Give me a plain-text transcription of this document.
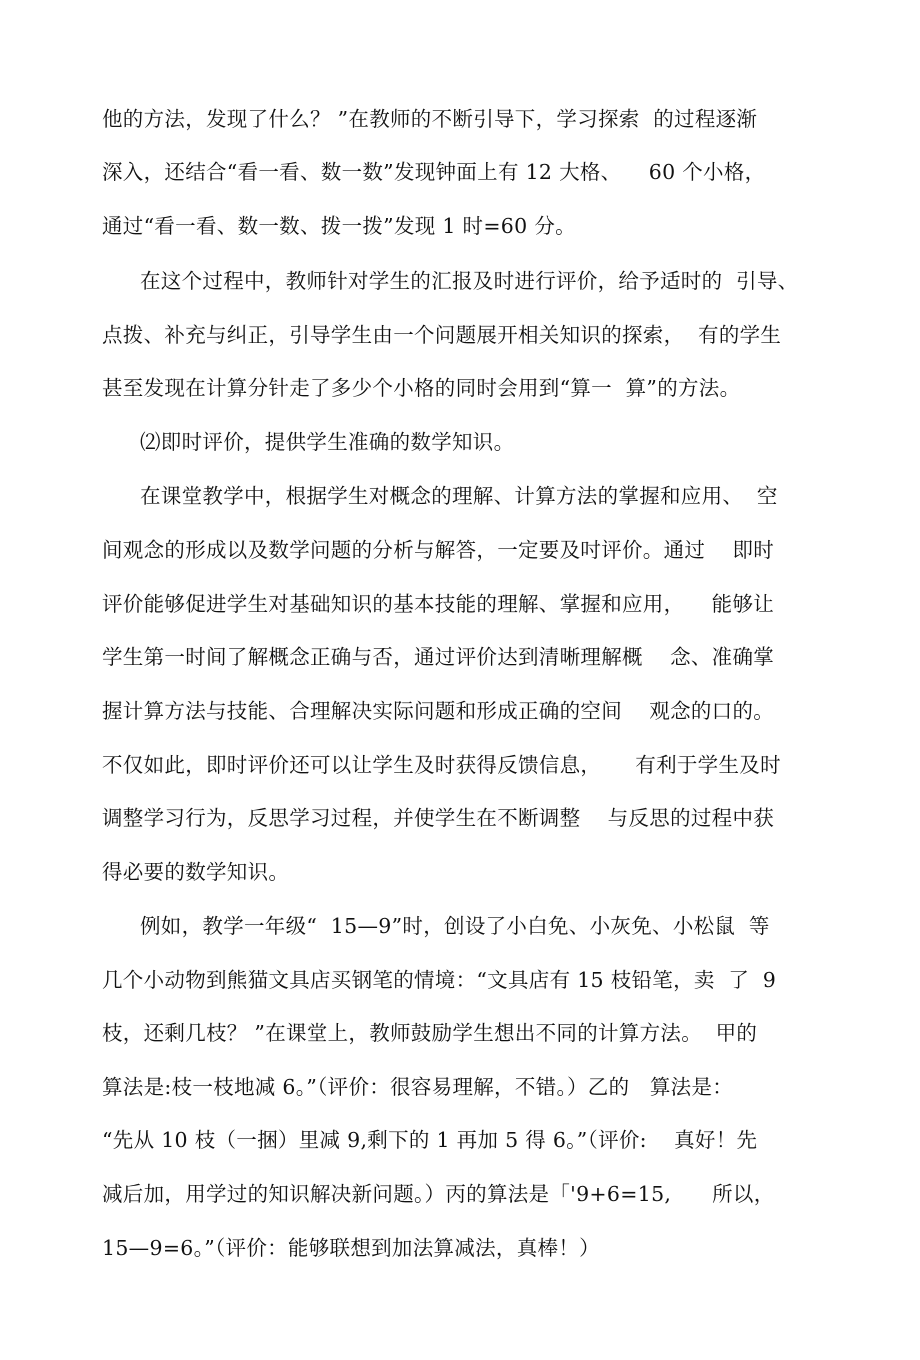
他的方法，发现了什么？ ”在教师的不断引导下，学习探索  的过程逐渐
深入，还结合“看一看、数一数”发现钟面上有 12 大格、    60 个小格，
通过“看一看、数一数、拨一拨”发现 1 时=60 分。
在这个过程中，教师针对学生的汇报及时进行评价，给予适时的  引导、
点拨、补充与纠正，引导学生由一个问题展开相关知识的探索，  有的学生
甚至发现在计算分针走了多少个小格的同时会用到“算一  算”的方法。
⑵即时评价，提供学生准确的数学知识。
在课堂教学中，根据学生对概念的理解、计算方法的掌握和应用、  空
间观念的形成以及数学问题的分析与解答，一定要及吋评价。通过    即时
评价能够促进学生对基础知识的基本技能的理解、掌握和应用，    能够让
学生第一时间了解概念正确与否，通过评价达到清晰理解概    念、准确掌
握计算方法与技能、合理解决实际问题和形成正确的空间    观念的口的。
不仅如此，即时评价还可以让学生及时获得反馈信息，     有利于学生及时
调整学习行为，反思学习过程，并使学生在不断调整    与反思的过程中获
得必要的数学知识。
例如，教学一年级“  15—9”时，创设了小白免、小灰免、小松鼠  等
几个小动物到熊猫文具店买钢笔的情境：“文具店有 15 枝铅笔，卖  了  9
枝，还剩几枝？ ”在课堂上，教师鼓励学生想出不同的计算方法。  甲的
算法是:枝一枝地减 6。”（评价：很容易理解，不错。）乙的   算法是：
“先从 10 枝（一捆）里减 9,剩下的 1 再加 5 得 6。”（评价:    真好！先
减后加，用学过的知识解决新问题。）丙的算法是「'9+6=15,      所以，
15—9=6。”（评价：能够联想到加法算减法，真棒！）
